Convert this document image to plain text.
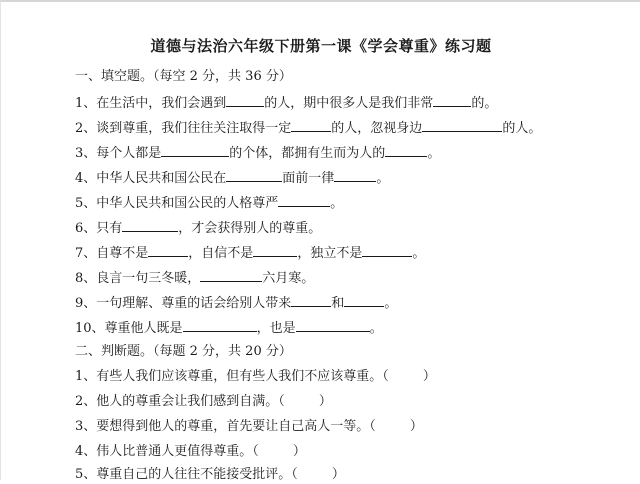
道德与法治六年级下册第一课《学会尊重》练习题
一、填空题。（每空 2 分，共 36 分）
1、在生活中，我们会遇到	的人，期中很多人是我们非常	的。
2、谈到尊重，我们往往关注取得一定	的人，忽视身边	的人。
3、每个人都是	的个体，都拥有生而为人的	。
4、中华人民共和国公民在	面前一律	。
5、中华人民共和国公民的人格尊严	。
6、只有	，才会获得别人的尊重。
7、自尊不是	，自信不是	，独立不是	。
8、良言一句三冬暖，	六月寒。
9、一句理解、尊重的话会给别人带来	和	。
10、尊重他人既是	，也是	。
二、判断题。（每题 2 分，共 20 分）
1、有些人我们应该尊重，但有些人我们不应该尊重。（	）
2、他人的尊重会让我们感到自满。（	）
3、要想得到他人的尊重，首先要让自己高人一等。（	）
4、伟人比普通人更值得尊重。（	）
5、尊重自己的人往往不能接受批评。（	）
